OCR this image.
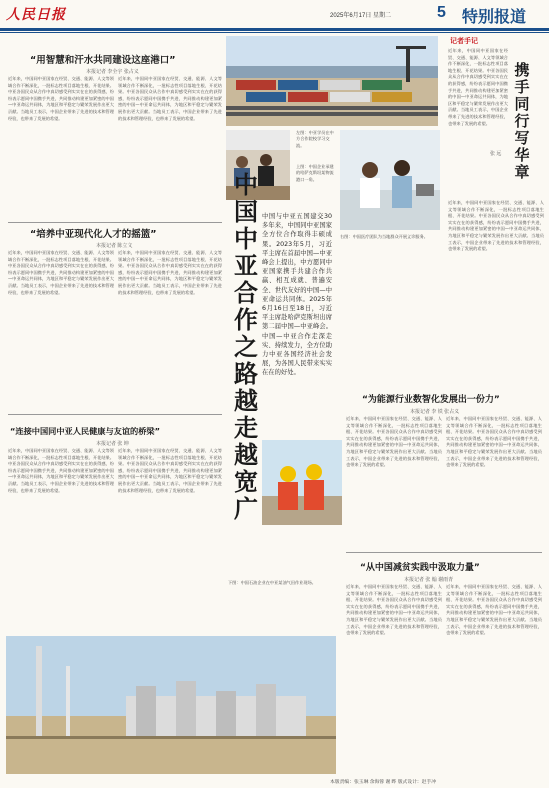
人民日报	2025年6月17日 星期二	5 特别报道
中国中亚合作之路越走越宽广
中国与中亚五国建交30多年来，中国同中亚国家全方位合作取得丰硕成果。2023年5月，习近平主席在首届中国—中亚峰会上提出，中方愿同中亚国家携手共建合作共赢、相互成就、普遍安全、世代友好的中国—中亚命运共同体。2025年6月16日至18日，习近平主席赴哈萨克斯坦出席第二届中国—中亚峰会。中国—中亚合作走深走实、持续发力，全方位助力中亚各国经济社会发展，为各国人民带来实实在在的好处。
记者手记
携手同行写华章
张 远
近年来，中国同中亚国家在经贸、交通、能源、人文等领域合作不断深化，一批标志性项目落地生根、开花结果。中亚各国民众从合作中真切感受到实实在在的获得感，纷纷表示愿同中国携手共进，共同推动构建更加紧密的中国—中亚命运共同体，为地区和平稳定与繁荣发展作出更大贡献。当地员工表示，中国企业带来了先进的技术和管理经验，也带来了发展的希望。
近年来，中国同中亚国家在经贸、交通、能源、人文等领域合作不断深化，一批标志性项目落地生根、开花结果。中亚各国民众从合作中真切感受到实实在在的获得感，纷纷表示愿同中国携手共进，共同推动构建更加紧密的中国—中亚命运共同体，为地区和平稳定与繁荣发展作出更大贡献。当地员工表示，中国企业带来了先进的技术和管理经验，也带来了发展的希望。
“用智慧和汗水共同建设这座港口”
本报记者 李全宇 张占义
近年来，中国同中亚国家在经贸、交通、能源、人文等领域合作不断深化，一批标志性项目落地生根、开花结果。中亚各国民众从合作中真切感受到实实在在的获得感，纷纷表示愿同中国携手共进，共同推动构建更加紧密的中国—中亚命运共同体，为地区和平稳定与繁荣发展作出更大贡献。当地员工表示，中国企业带来了先进的技术和管理经验，也带来了发展的希望。
近年来，中国同中亚国家在经贸、交通、能源、人文等领域合作不断深化，一批标志性项目落地生根、开花结果。中亚各国民众从合作中真切感受到实实在在的获得感，纷纷表示愿同中国携手共进，共同推动构建更加紧密的中国—中亚命运共同体，为地区和平稳定与繁荣发展作出更大贡献。当地员工表示，中国企业带来了先进的技术和管理经验，也带来了发展的希望。
“培养中亚现代化人才的摇篮”
本报记者 陈立文
近年来，中国同中亚国家在经贸、交通、能源、人文等领域合作不断深化，一批标志性项目落地生根、开花结果。中亚各国民众从合作中真切感受到实实在在的获得感，纷纷表示愿同中国携手共进，共同推动构建更加紧密的中国—中亚命运共同体，为地区和平稳定与繁荣发展作出更大贡献。当地员工表示，中国企业带来了先进的技术和管理经验，也带来了发展的希望。
近年来，中国同中亚国家在经贸、交通、能源、人文等领域合作不断深化，一批标志性项目落地生根、开花结果。中亚各国民众从合作中真切感受到实实在在的获得感，纷纷表示愿同中国携手共进，共同推动构建更加紧密的中国—中亚命运共同体，为地区和平稳定与繁荣发展作出更大贡献。当地员工表示，中国企业带来了先进的技术和管理经验，也带来了发展的希望。
“连接中国同中亚人民健康与友谊的桥梁”
本报记者 张 坤
近年来，中国同中亚国家在经贸、交通、能源、人文等领域合作不断深化，一批标志性项目落地生根、开花结果。中亚各国民众从合作中真切感受到实实在在的获得感，纷纷表示愿同中国携手共进，共同推动构建更加紧密的中国—中亚命运共同体，为地区和平稳定与繁荣发展作出更大贡献。当地员工表示，中国企业带来了先进的技术和管理经验，也带来了发展的希望。
近年来，中国同中亚国家在经贸、交通、能源、人文等领域合作不断深化，一批标志性项目落地生根、开花结果。中亚各国民众从合作中真切感受到实实在在的获得感，纷纷表示愿同中国携手共进，共同推动构建更加紧密的中国—中亚命运共同体，为地区和平稳定与繁荣发展作出更大贡献。当地员工表示，中国企业带来了先进的技术和管理经验，也带来了发展的希望。
上图：中国企业承建的哈萨克斯坦某物流港口一角。
左图：中亚学员在中方合作院校学习交流。
右图：中国医疗团队为当地群众开展义诊服务。
下图：中国石油企业在中亚某油气田作业现场。
“为能源行业数智化发展出一份力”
本报记者 李 铁 张占义
近年来，中国同中亚国家在经贸、交通、能源、人文等领域合作不断深化，一批标志性项目落地生根、开花结果。中亚各国民众从合作中真切感受到实实在在的获得感，纷纷表示愿同中国携手共进，共同推动构建更加紧密的中国—中亚命运共同体，为地区和平稳定与繁荣发展作出更大贡献。当地员工表示，中国企业带来了先进的技术和管理经验，也带来了发展的希望。
近年来，中国同中亚国家在经贸、交通、能源、人文等领域合作不断深化，一批标志性项目落地生根、开花结果。中亚各国民众从合作中真切感受到实实在在的获得感，纷纷表示愿同中国携手共进，共同推动构建更加紧密的中国—中亚命运共同体，为地区和平稳定与繁荣发展作出更大贡献。当地员工表示，中国企业带来了先进的技术和管理经验，也带来了发展的希望。
“从中国减贫实践中汲取力量”
本报记者 张 翰 谢雨青
近年来，中国同中亚国家在经贸、交通、能源、人文等领域合作不断深化，一批标志性项目落地生根、开花结果。中亚各国民众从合作中真切感受到实实在在的获得感，纷纷表示愿同中国携手共进，共同推动构建更加紧密的中国—中亚命运共同体，为地区和平稳定与繁荣发展作出更大贡献。当地员工表示，中国企业带来了先进的技术和管理经验，也带来了发展的希望。
近年来，中国同中亚国家在经贸、交通、能源、人文等领域合作不断深化，一批标志性项目落地生根、开花结果。中亚各国民众从合作中真切感受到实实在在的获得感，纷纷表示愿同中国携手共进，共同推动构建更加紧密的中国—中亚命运共同体，为地区和平稳定与繁荣发展作出更大贡献。当地员工表示，中国企业带来了先进的技术和管理经验，也带来了发展的希望。
本版责编：张玉琳 余海蓉 谢 晔 版式设计：赵手冲
